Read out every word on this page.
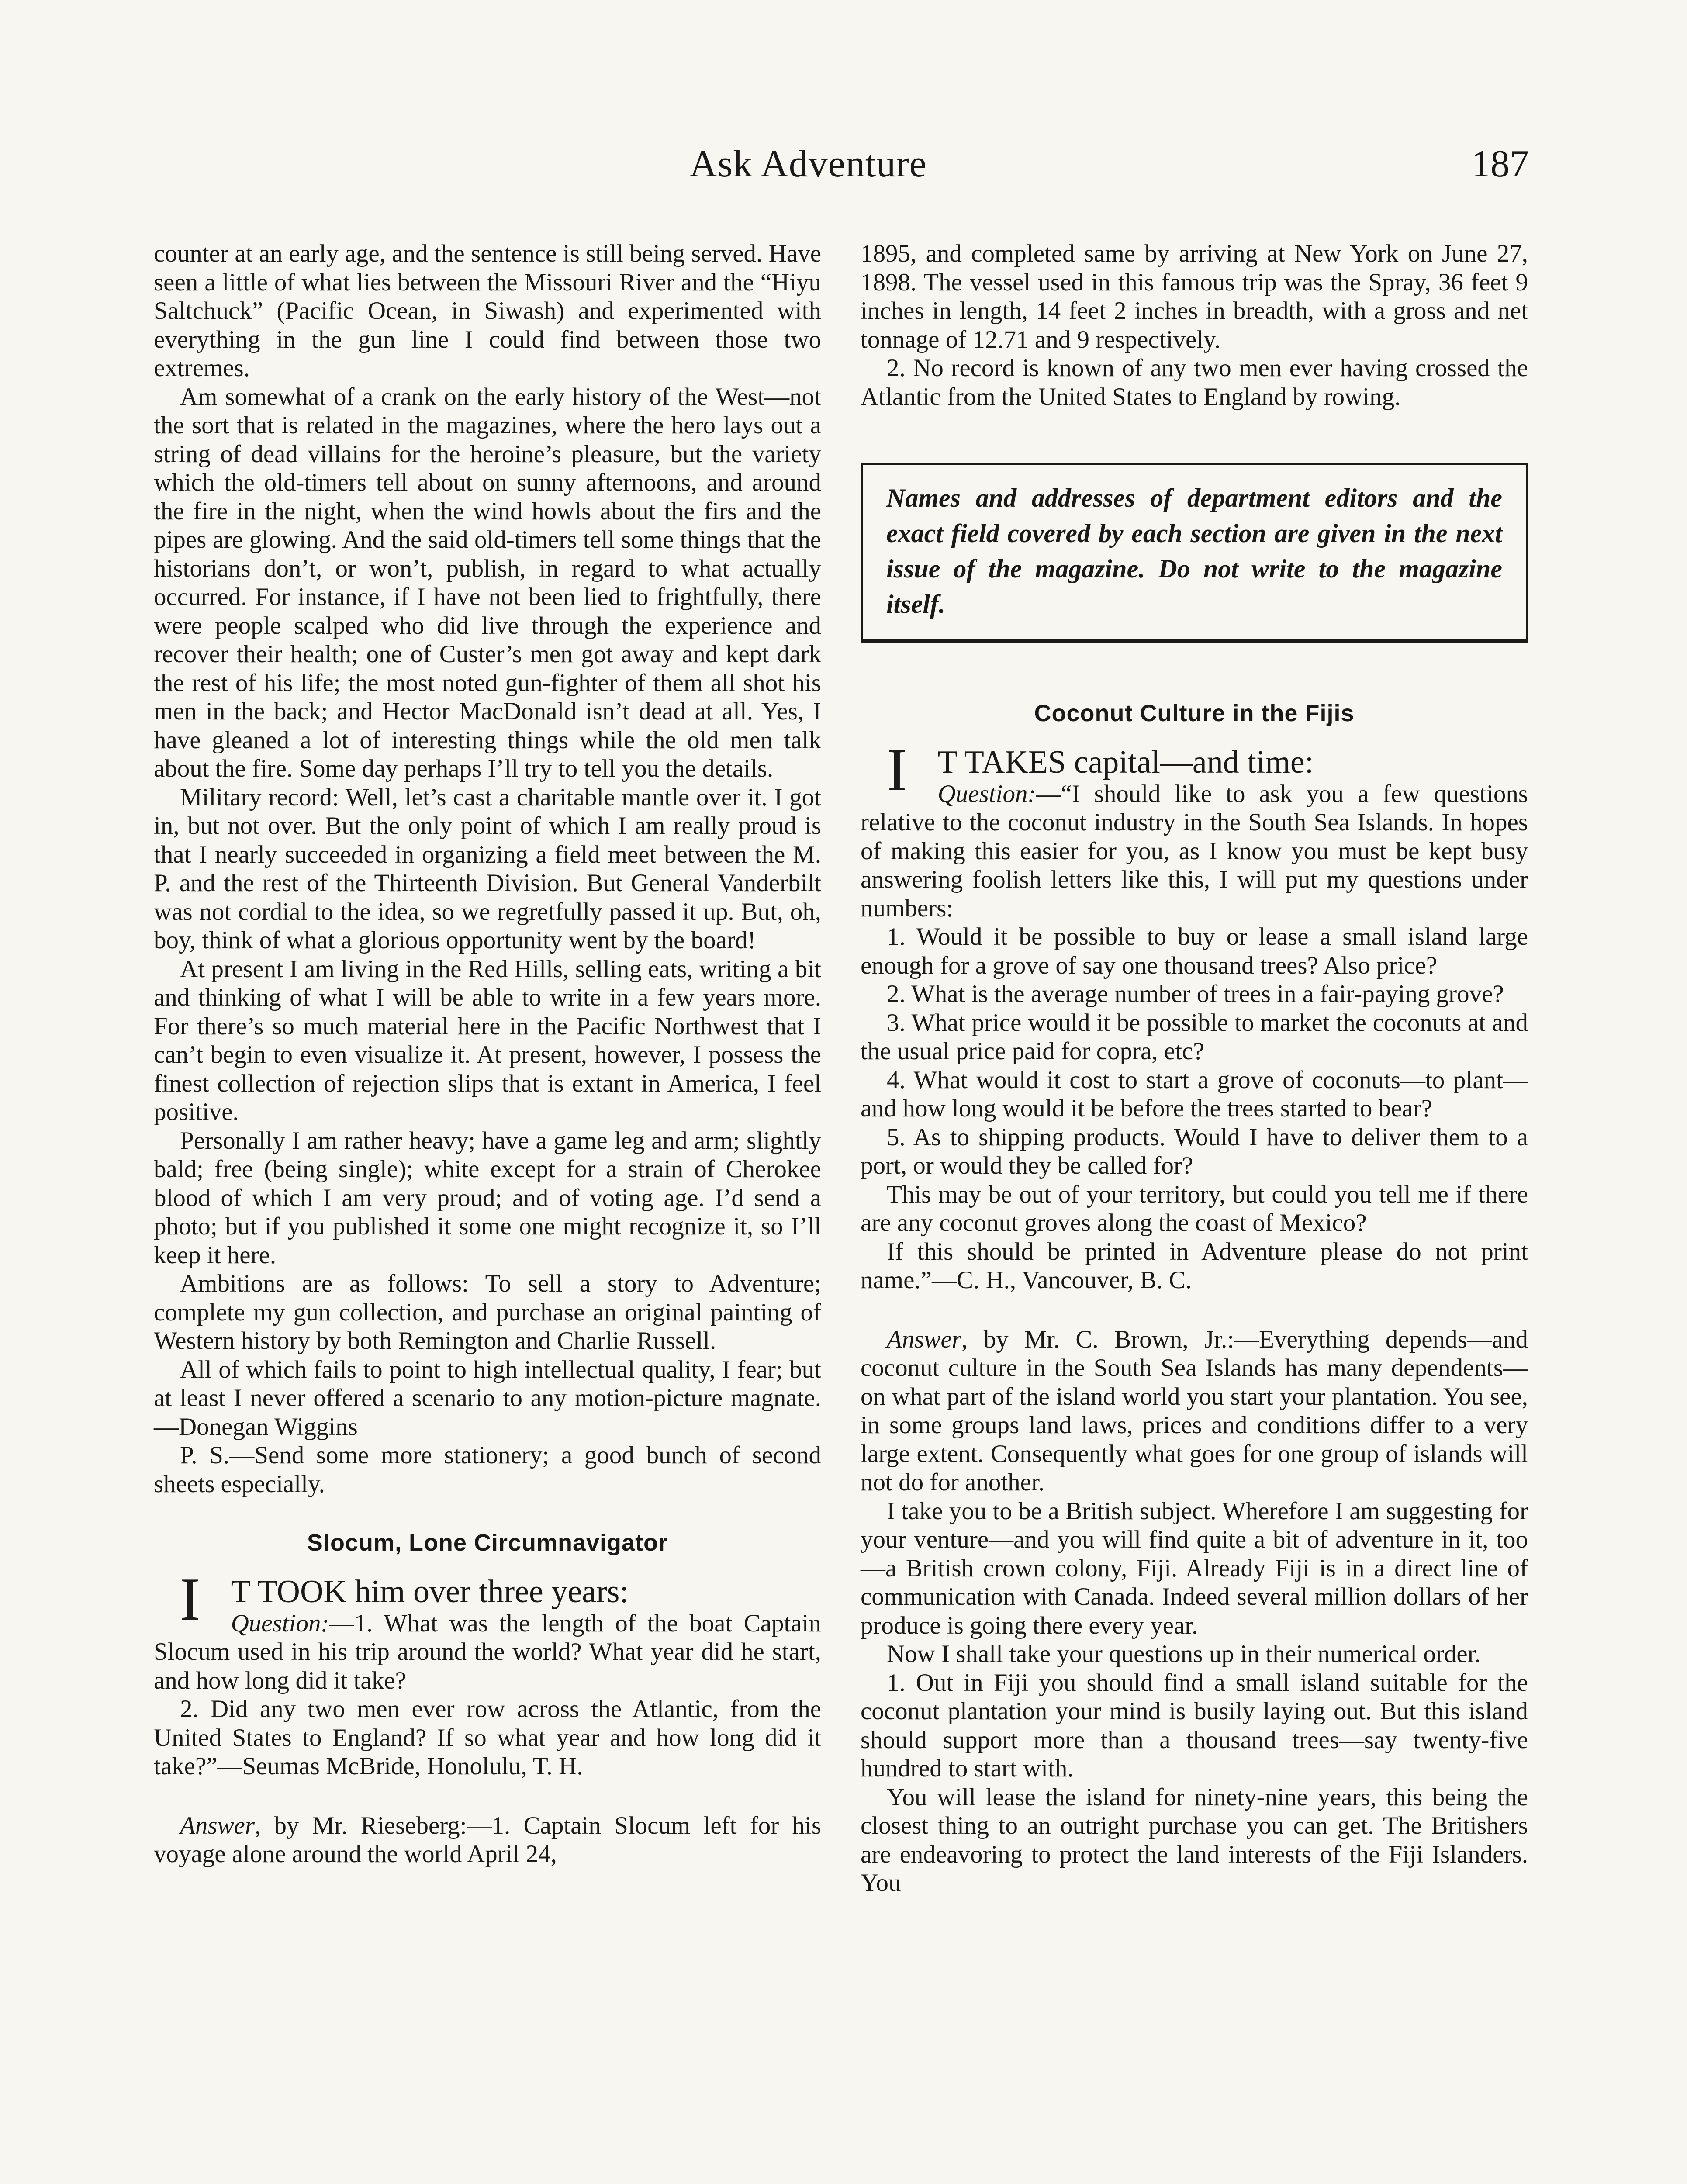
Ask Adventure	187

counter at an early age, and the sentence is still being served. Have seen a little of what lies between the Missouri River and the “Hiyu Saltchuck” (Pacific Ocean, in Siwash) and experimented with everything in the gun line I could find between those two extremes.

Am somewhat of a crank on the early history of the West—not the sort that is related in the magazines, where the hero lays out a string of dead villains for the heroine’s pleasure, but the variety which the old-timers tell about on sunny afternoons, and around the fire in the night, when the wind howls about the firs and the pipes are glowing. And the said old-timers tell some things that the historians don’t, or won’t, publish, in regard to what actually occurred. For instance, if I have not been lied to frightfully, there were people scalped who did live through the experience and recover their health; one of Custer’s men got away and kept dark the rest of his life; the most noted gun-fighter of them all shot his men in the back; and Hector MacDonald isn’t dead at all. Yes, I have gleaned a lot of interesting things while the old men talk about the fire. Some day perhaps I’ll try to tell you the details.

Military record: Well, let’s cast a charitable mantle over it. I got in, but not over. But the only point of which I am really proud is that I nearly succeeded in organizing a field meet between the M. P. and the rest of the Thirteenth Division. But General Vanderbilt was not cordial to the idea, so we regretfully passed it up. But, oh, boy, think of what a glorious opportunity went by the board!

At present I am living in the Red Hills, selling eats, writing a bit and thinking of what I will be able to write in a few years more. For there’s so much material here in the Pacific Northwest that I can’t begin to even visualize it. At present, however, I possess the finest collection of rejection slips that is extant in America, I feel positive.

Personally I am rather heavy; have a game leg and arm; slightly bald; free (being single); white except for a strain of Cherokee blood of which I am very proud; and of voting age. I’d send a photo; but if you published it some one might recognize it, so I’ll keep it here.

Ambitions are as follows: To sell a story to Adventure; complete my gun collection, and purchase an original painting of Western history by both Remington and Charlie Russell.

All of which fails to point to high intellectual quality, I fear; but at least I never offered a scenario to any motion-picture magnate.—Donegan Wiggins

P. S.—Send some more stationery; a good bunch of second sheets especially.

Slocum, Lone Circumnavigator

I T TOOK him over three years:

Question:—1. What was the length of the boat Captain Slocum used in his trip around the world? What year did he start, and how long did it take?

2. Did any two men ever row across the Atlantic, from the United States to England? If so what year and how long did it take?”—Seumas McBride, Honolulu, T. H.

Answer, by Mr. Rieseberg:—1. Captain Slocum left for his voyage alone around the world April 24,

1895, and completed same by arriving at New York on June 27, 1898. The vessel used in this famous trip was the Spray, 36 feet 9 inches in length, 14 feet 2 inches in breadth, with a gross and net tonnage of 12.71 and 9 respectively.

2. No record is known of any two men ever having crossed the Atlantic from the United States to England by rowing.

Names and addresses of department editors and the exact field covered by each section are given in the next issue of the magazine. Do not write to the magazine itself.
Coconut Culture in the Fijis

I T TAKES capital—and time:

Question:—“I should like to ask you a few questions relative to the coconut industry in the South Sea Islands. In hopes of making this easier for you, as I know you must be kept busy answering foolish letters like this, I will put my questions under numbers:

1. Would it be possible to buy or lease a small island large enough for a grove of say one thousand trees? Also price?

2. What is the average number of trees in a fair-paying grove?

3. What price would it be possible to market the coconuts at and the usual price paid for copra, etc?

4. What would it cost to start a grove of coconuts—to plant—and how long would it be before the trees started to bear?

5. As to shipping products. Would I have to deliver them to a port, or would they be called for?

This may be out of your territory, but could you tell me if there are any coconut groves along the coast of Mexico?

If this should be printed in Adventure please do not print name.”—C. H., Vancouver, B. C.

Answer, by Mr. C. Brown, Jr.:—Everything depends—and coconut culture in the South Sea Islands has many dependents—on what part of the island world you start your plantation. You see, in some groups land laws, prices and conditions differ to a very large extent. Consequently what goes for one group of islands will not do for another.

I take you to be a British subject. Wherefore I am suggesting for your venture—and you will find quite a bit of adventure in it, too—a British crown colony, Fiji. Already Fiji is in a direct line of communication with Canada. Indeed several million dollars of her produce is going there every year.

Now I shall take your questions up in their numerical order.

1. Out in Fiji you should find a small island suitable for the coconut plantation your mind is busily laying out. But this island should support more than a thousand trees—say twenty-five hundred to start with.

You will lease the island for ninety-nine years, this being the closest thing to an outright purchase you can get. The Britishers are endeavoring to protect the land interests of the Fiji Islanders. You
